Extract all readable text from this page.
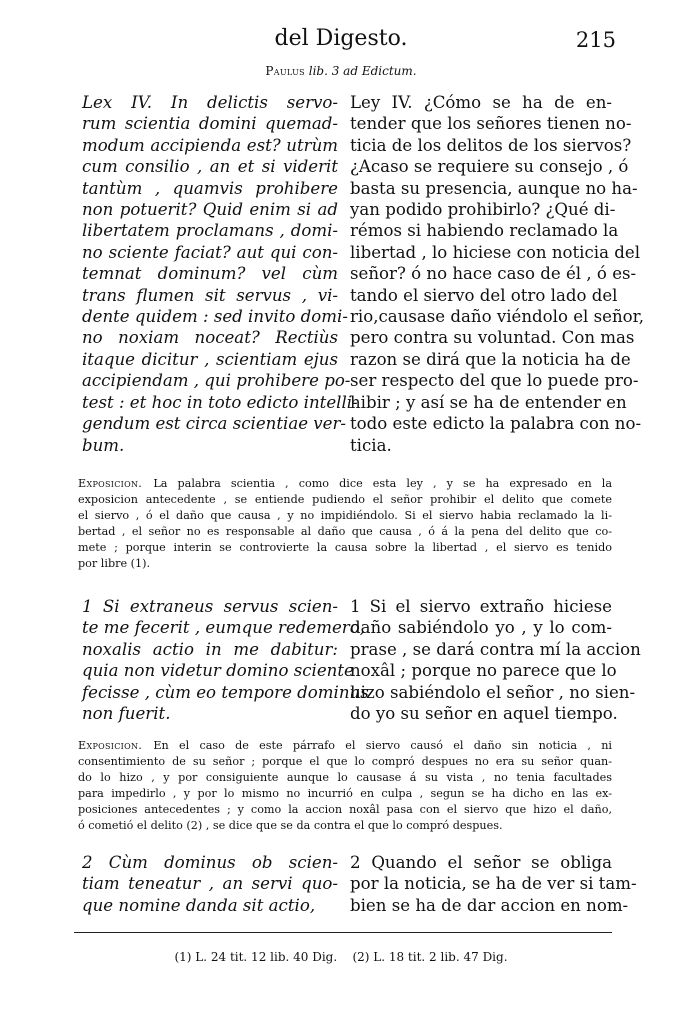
del Digesto.	215
Paulus lib. 3 ad Edictum.
Lex IV. In delictis servo-
rum scientia domini quemad-
modum accipienda est? utrùm
cum consilio , an et si viderit
tantùm , quamvis prohibere
non potuerit? Quid enim si ad
libertatem proclamans , domi-
no sciente faciat? aut qui con-
temnat dominum? vel cùm
trans flumen sit servus , vi-
dente quidem : sed invito domi-
no noxiam noceat? Rectiùs
itaque dicitur , scientiam ejus
accipiendam , qui prohibere po-
test : et hoc in toto edicto intelli-
gendum est circa scientiae ver-
bum.
Ley IV. ¿Cómo se ha de en-
tender que los señores tienen no-
ticia de los delitos de los siervos?
¿Acaso se requiere su consejo , ó
basta su presencia, aunque no ha-
yan podido prohibirlo? ¿Qué di-
rémos si habiendo reclamado la
libertad , lo hiciese con noticia del
señor? ó no hace caso de él , ó es-
tando el siervo del otro lado del
rio,causase daño viéndolo el señor,
pero contra su voluntad. Con mas
razon se dirá que la noticia ha de
ser respecto del que lo puede pro-
hibir ; y así se ha de entender en
todo este edicto la palabra con no-
ticia.
Exposicion.  La palabra scientia , como dice esta ley , y se ha expresado en la
exposicion antecedente , se entiende pudiendo el señor prohibir el delito que comete
el siervo , ó el daño que causa , y no impidiéndolo. Si el siervo habia reclamado la li-
bertad , el señor no es responsable al daño que causa , ó á la pena del delito que co-
mete ; porque interin se controvierte la causa sobre la libertad , el siervo es tenido
por libre (1).
1 Si extraneus servus scien-
te me fecerit , eumque redemero,
noxalis actio in me dabitur:
quia non videtur domino sciente
fecisse , cùm eo tempore dominus
non fuerit.
1 Si el siervo extraño hiciese
daño sabiéndolo yo , y lo com-
prase , se dará contra mí la accion
noxâl ; porque no parece que lo
hizo sabiéndolo el señor , no sien-
do yo su señor en aquel tiempo.
Exposicion.  En el caso de este párrafo el siervo causó el daño sin noticia , ni
consentimiento de su señor ; porque el que lo compró despues no era su señor quan-
do lo hizo , y por consiguiente aunque lo causase á su vista , no tenia facultades
para impedirlo , y por lo mismo no incurrió en culpa , segun se ha dicho en las ex-
posiciones antecedentes ; y como la accion noxâl pasa con el siervo que hizo el daño,
ó cometió el delito (2) , se dice que se da contra el que lo compró despues.
2 Cùm dominus ob scien-
tiam teneatur , an servi quo-
que nomine danda sit actio,
2 Quando el señor se obliga
por la noticia, se ha de ver si tam-
bien se ha de dar accion en nom-
(1) L. 24 tit. 12 lib. 40 Dig. (2) L. 18 tit. 2 lib. 47 Dig.
